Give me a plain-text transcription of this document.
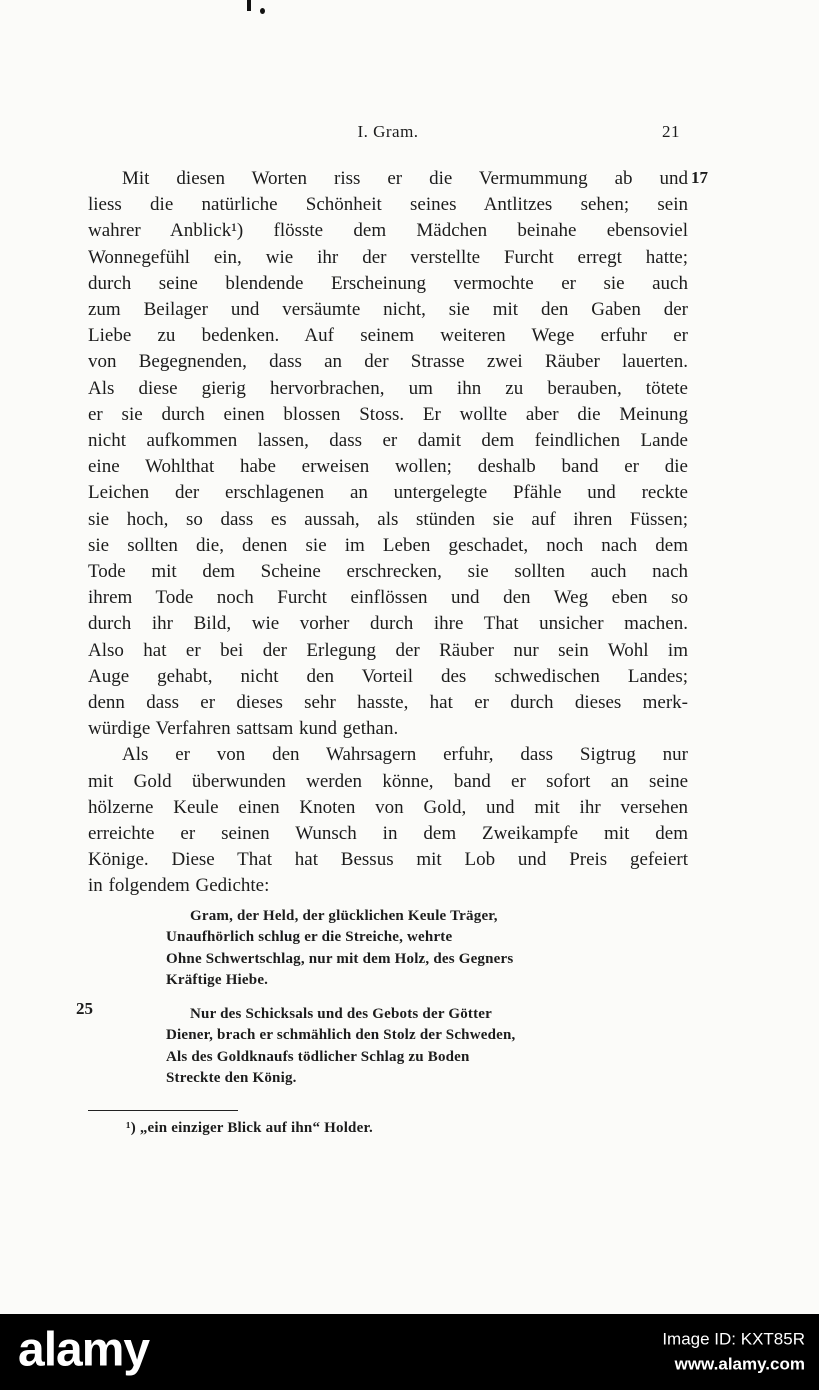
I. Gram.	21
17
25
Mit diesen Worten riss er die Vermummung ab und
liess die natürliche Schönheit seines Antlitzes sehen; sein
wahrer Anblick¹) flösste dem Mädchen beinahe ebensoviel
Wonnegefühl ein, wie ihr der verstellte Furcht erregt hatte;
durch seine blendende Erscheinung vermochte er sie auch
zum Beilager und versäumte nicht, sie mit den Gaben der
Liebe zu bedenken. Auf seinem weiteren Wege erfuhr er
von Begegnenden, dass an der Strasse zwei Räuber lauerten.
Als diese gierig hervorbrachen, um ihn zu berauben, tötete
er sie durch einen blossen Stoss. Er wollte aber die Meinung
nicht aufkommen lassen, dass er damit dem feindlichen Lande
eine Wohlthat habe erweisen wollen; deshalb band er die
Leichen der erschlagenen an untergelegte Pfähle und reckte
sie hoch, so dass es aussah, als stünden sie auf ihren Füssen;
sie sollten die, denen sie im Leben geschadet, noch nach dem
Tode mit dem Scheine erschrecken, sie sollten auch nach
ihrem Tode noch Furcht einflössen und den Weg eben so
durch ihr Bild, wie vorher durch ihre That unsicher machen.
Also hat er bei der Erlegung der Räuber nur sein Wohl im
Auge gehabt, nicht den Vorteil des schwedischen Landes;
denn dass er dieses sehr hasste, hat er durch dieses merk-
würdige Verfahren sattsam kund gethan.
Als er von den Wahrsagern erfuhr, dass Sigtrug nur
mit Gold überwunden werden könne, band er sofort an seine
hölzerne Keule einen Knoten von Gold, und mit ihr versehen
erreichte er seinen Wunsch in dem Zweikampfe mit dem
Könige. Diese That hat Bessus mit Lob und Preis gefeiert
in folgendem Gedichte:
Gram, der Held, der glücklichen Keule Träger,
Unaufhörlich schlug er die Streiche, wehrte
Ohne Schwertschlag, nur mit dem Holz, des Gegners
Kräftige Hiebe.
Nur des Schicksals und des Gebots der Götter
Diener, brach er schmählich den Stolz der Schweden,
Als des Goldknaufs tödlicher Schlag zu Boden
Streckte den König.
¹) „ein einziger Blick auf ihn“ Holder.
alamy	Image ID: KXT85R
www.alamy.com
